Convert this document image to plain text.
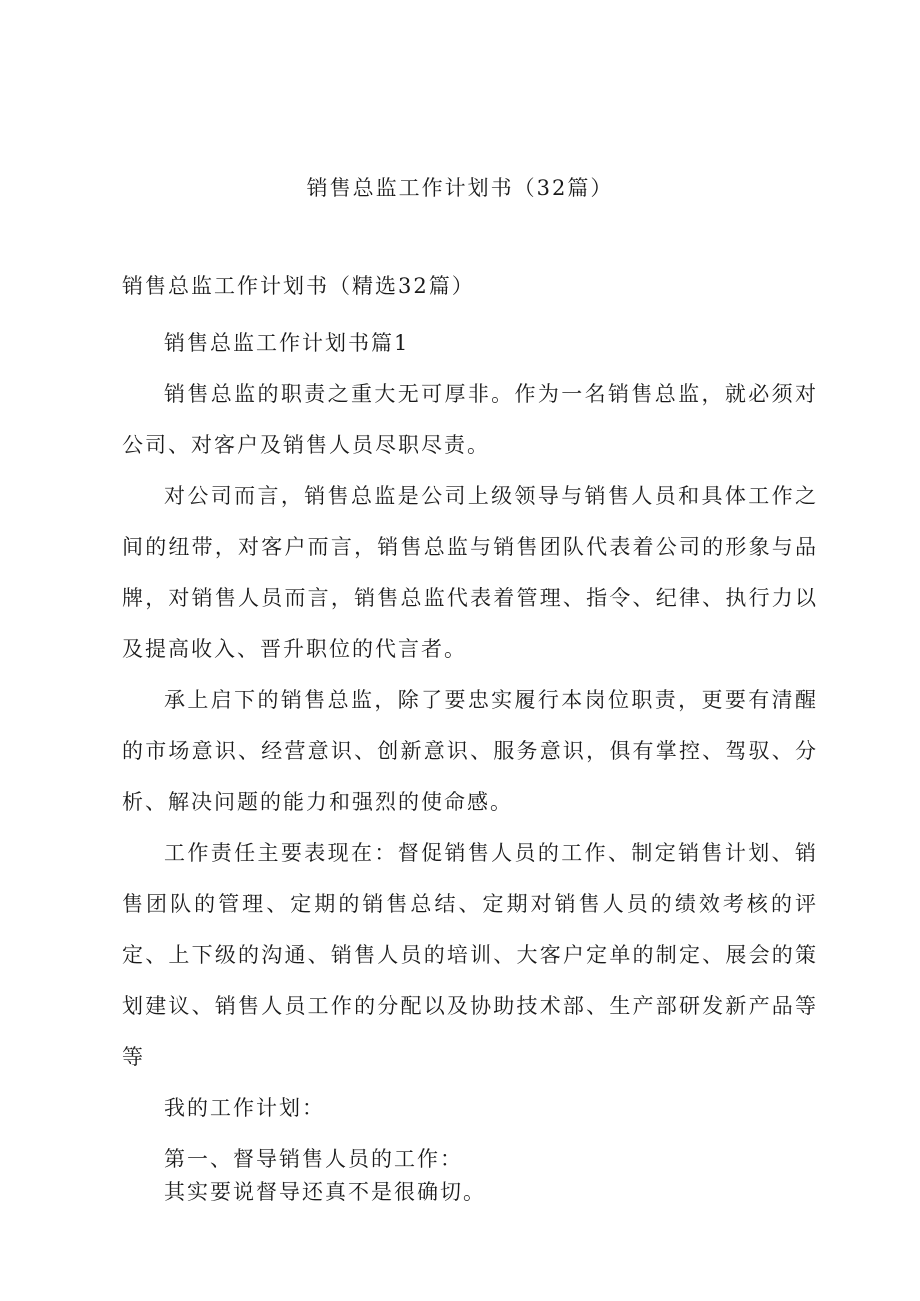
销售总监工作计划书（32篇）
销售总监工作计划书（精选32篇）

销售总监工作计划书篇1

销售总监的职责之重大无可厚非。作为一名销售总监，就必须对公司、对客户及销售人员尽职尽责。

对公司而言，销售总监是公司上级领导与销售人员和具体工作之间的纽带，对客户而言，销售总监与销售团队代表着公司的形象与品牌，对销售人员而言，销售总监代表着管理、指令、纪律、执行力以及提高收入、晋升职位的代言者。

承上启下的销售总监，除了要忠实履行本岗位职责，更要有清醒的市场意识、经营意识、创新意识、服务意识，俱有掌控、驾驭、分析、解决问题的能力和强烈的使命感。

工作责任主要表现在：督促销售人员的工作、制定销售计划、销售团队的管理、定期的销售总结、定期对销售人员的绩效考核的评定、上下级的沟通、销售人员的培训、大客户定单的制定、展会的策划建议、销售人员工作的分配以及协助技术部、生产部研发新产品等等

我的工作计划：

第一、督导销售人员的工作：

其实要说督导还真不是很确切。
